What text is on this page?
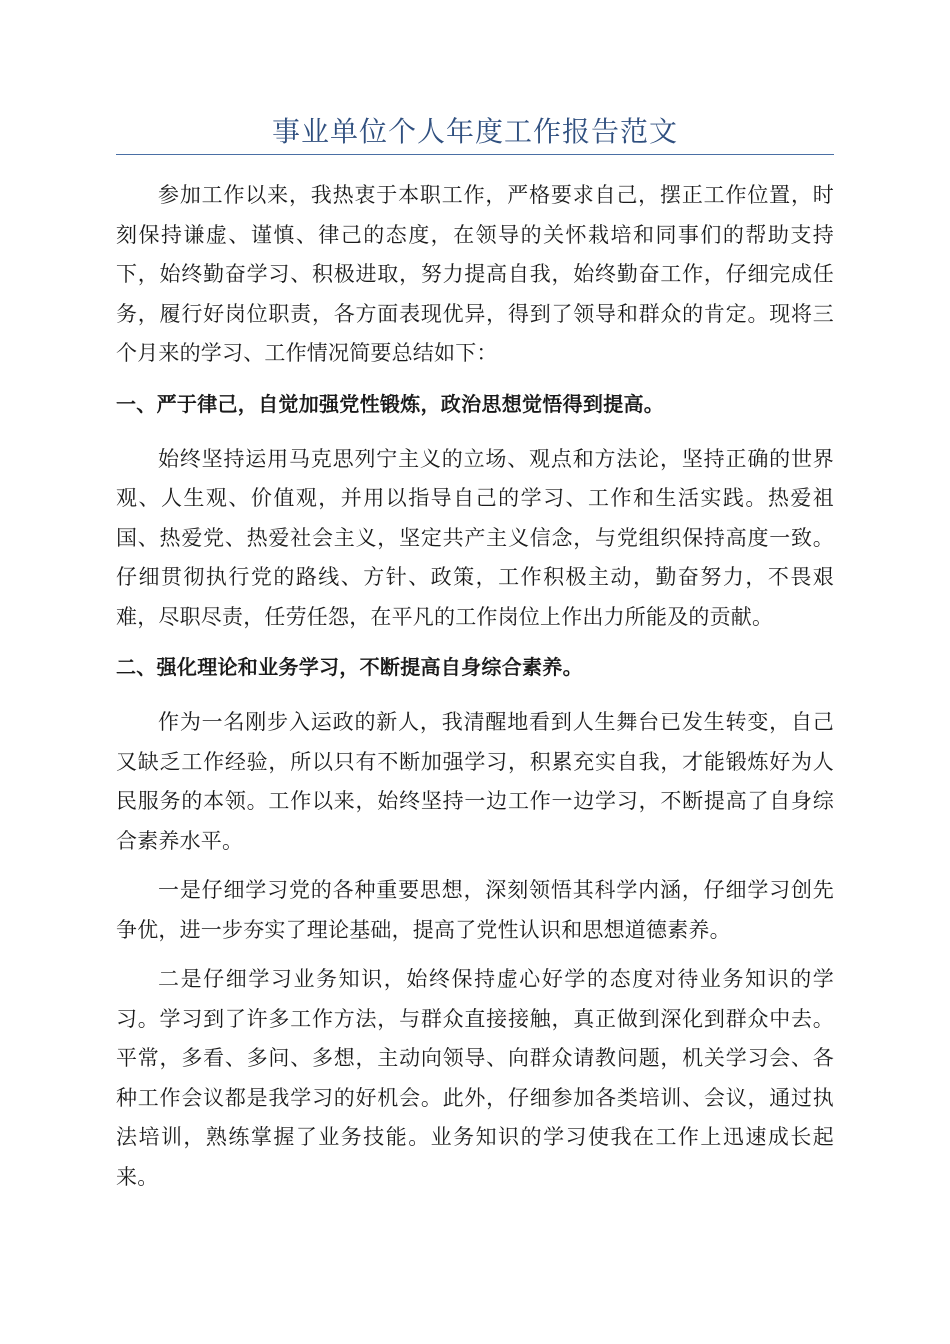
事业单位个人年度工作报告范文

参加工作以来，我热衷于本职工作，严格要求自己，摆正工作位置，时刻保持谦虚、谨慎、律己的态度，在领导的关怀栽培和同事们的帮助支持下，始终勤奋学习、积极进取，努力提高自我，始终勤奋工作，仔细完成任务，履行好岗位职责，各方面表现优异，得到了领导和群众的肯定。现将三个月来的学习、工作情况简要总结如下：

一、严于律己，自觉加强党性锻炼，政治思想觉悟得到提高。

始终坚持运用马克思列宁主义的立场、观点和方法论，坚持正确的世界观、人生观、价值观，并用以指导自己的学习、工作和生活实践。热爱祖国、热爱党、热爱社会主义，坚定共产主义信念，与党组织保持高度一致。仔细贯彻执行党的路线、方针、政策，工作积极主动，勤奋努力，不畏艰难，尽职尽责，任劳任怨，在平凡的工作岗位上作出力所能及的贡献。

二、强化理论和业务学习，不断提高自身综合素养。

作为一名刚步入运政的新人，我清醒地看到人生舞台已发生转变，自己又缺乏工作经验，所以只有不断加强学习，积累充实自我，才能锻炼好为人民服务的本领。工作以来，始终坚持一边工作一边学习，不断提高了自身综合素养水平。

一是仔细学习党的各种重要思想，深刻领悟其科学内涵，仔细学习创先争优，进一步夯实了理论基础，提高了党性认识和思想道德素养。

二是仔细学习业务知识，始终保持虚心好学的态度对待业务知识的学习。学习到了许多工作方法，与群众直接接触，真正做到深化到群众中去。平常，多看、多问、多想，主动向领导、向群众请教问题，机关学习会、各种工作会议都是我学习的好机会。此外，仔细参加各类培训、会议，通过执法培训，熟练掌握了业务技能。业务知识的学习使我在工作上迅速成长起来。
